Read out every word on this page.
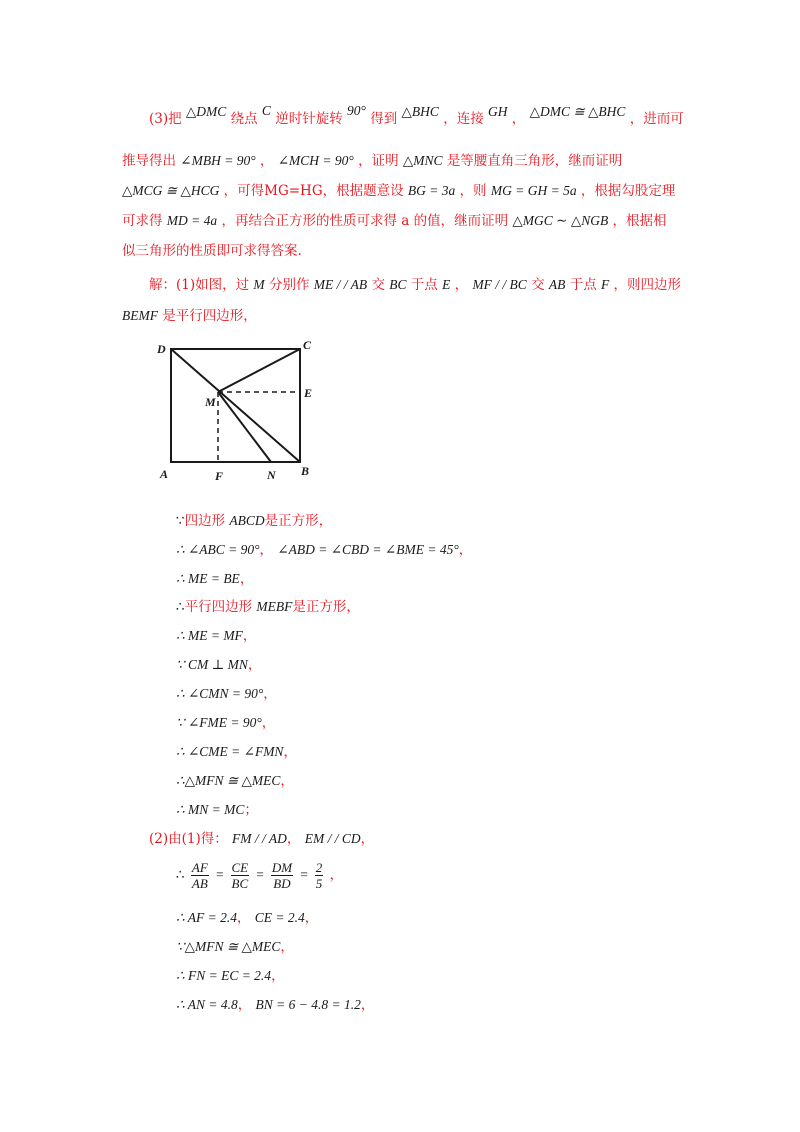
(3)把 △DMC 绕点 C 逆时针旋转 90° 得到 △BHC ，连接 GH ， △DMC ≅ △BHC ，进而可
推导得出 ∠MBH = 90° ， ∠MCH = 90° ，证明 △MNC 是等腰直角三角形，继而证明
△MCG ≅ △HCG ，可得MG=HG，根据题意设 BG = 3a ，则 MG = GH = 5a ，根据勾股定理
可求得 MD = 4a ，再结合正方形的性质可求得 a 的值，继而证明 △MGC ∼ △NGB ，根据相
似三角形的性质即可求得答案.
解：(1)如图，过 M 分别作 ME / / AB 交 BC 于点 E ， MF / / BC 交 AB 于点 F ，则四边形
BEMF 是平行四边形，
D	C
E
M
A	F	N B
∵四边形 ABCD是正方形，
∴ ∠ABC = 90°， ∠ABD = ∠CBD = ∠BME = 45°，
∴ ME = BE，
∴平行四边形 MEBF是正方形，
∴ ME = MF，
∵ CM ⊥ MN，
∴ ∠CMN = 90°，
∵ ∠FME = 90°，
∴ ∠CME = ∠FMN，
∴△MFN ≅ △MEC，
∴ MN = MC；
(2)由(1)得： FM / / AD， EM / / CD，
∴ $\frac{AF}{AB} = \frac{CE}{BC} = \frac{DM}{BD} = \frac{2}{5}$ ，
∴ AF = 2.4， CE = 2.4，
∵△MFN ≅ △MEC，
∴ FN = EC = 2.4，
∴ AN = 4.8， BN = 6 − 4.8 = 1.2，
